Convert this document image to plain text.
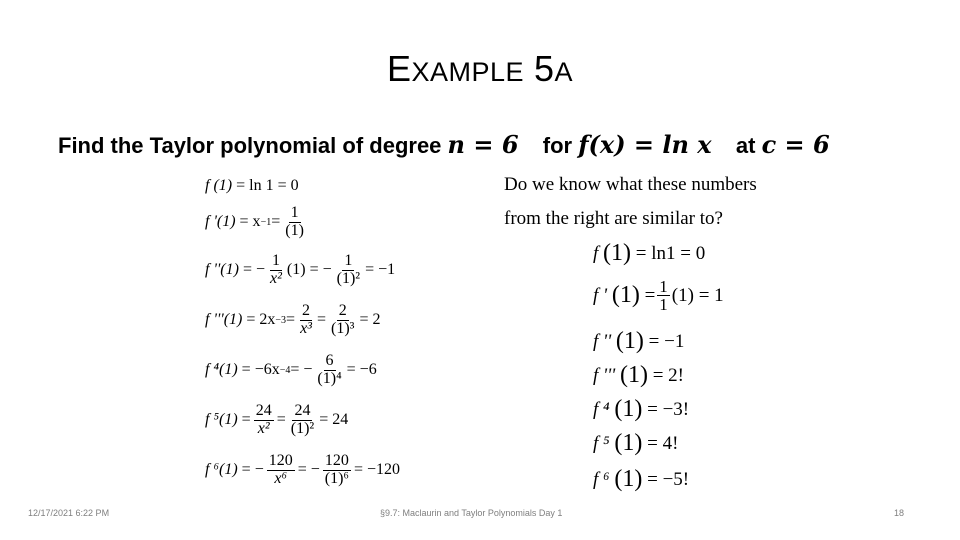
EXAMPLE 5A
Find the Taylor polynomial of degree n = 6 for f(x) = ln x at c = 6
f (1)
= ln 1 = 0
f '(1)
= $x -1 = \frac{1}{(1)}$
f ''(1)
= − $\frac{1}{\text{x²}} (1)$ = − $\frac{1}{\text{(1)²}} = -1$
f '''(1)
= $2x -3 = \frac{2}{\text{x³}} = \frac{2}{\text{(1)³}} = 2$
f ⁴(1)
= −6x −4 = − $\frac{6}{\text{(1)⁴}} = -6$
f ⁵(1)
= $\frac{24}{\text{x²}} = \frac{24}{\text{(1)²}} = 24$
f ⁶(1)
= − $\frac{120}{\text{x⁶}}$ = − $\frac{120}{\text{(1)⁶}} = -120$
Do we know what these numbers
from the right are similar to?
f
(1)
= ln1 = 0
f '
(1)
= $\frac{1}{1} (1) = 1$
f ''
(1)
= −1
f '''
(1)
= 2!
f ⁴
(1)
= −3!
f ⁵
(1)
= 4!
f ⁶
(1)
= −5!
12/17/2021 6:22 PM	§9.7: Maclaurin and Taylor Polynomials Day 1	18
